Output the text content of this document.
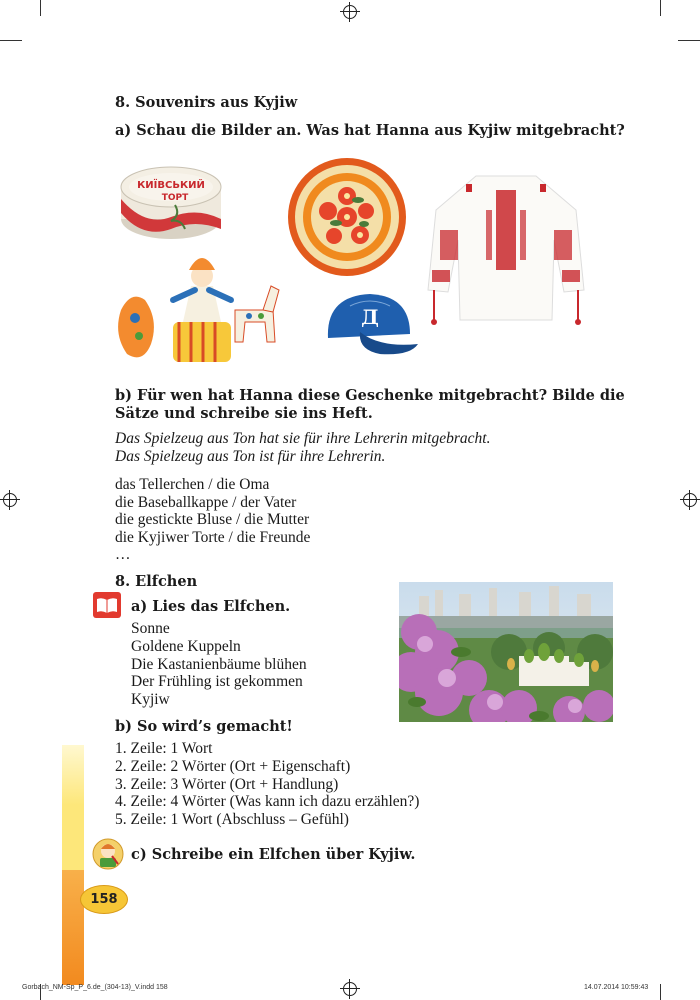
158
8. Souvenirs aus Kyjiw
a) Schau die Bilder an. Was hat Hanna aus Kyjiw mitgebracht?
КИЇВСЬКИЙ
ТОРТ
Д
b) Für wen hat Hanna diese Geschenke mitgebracht? Bilde die
Sätze und schreibe sie ins Heft.
Das Spielzeug aus Ton hat sie für ihre Lehrerin mitgebracht.
Das Spielzeug aus Ton ist für ihre Lehrerin.
das Tellerchen / die Oma
die Baseballkappe / der Vater
die gestickte Bluse / die Mutter
die Kyjiwer Torte / die Freunde
…
8. Elfchen
a) Lies das Elfchen.
Sonne
Goldene Kuppeln
Die Kastanienbäume blühen
Der Frühling ist gekommen
Kyjiw
b) So wird’s gemacht!
1. Zeile: 1 Wort
2. Zeile: 2 Wörter (Ort + Eigenschaft)
3. Zeile: 3 Wörter (Ort + Handlung)
4. Zeile: 4 Wörter (Was kann ich dazu erzählen?)
5. Zeile: 1 Wort (Abschluss – Gefühl)
c) Schreibe ein Elfchen über Kyjiw.
Gorbach_NM-Sp_P_6.de_(304-13)_V.indd 158	14.07.2014 10:59:43
